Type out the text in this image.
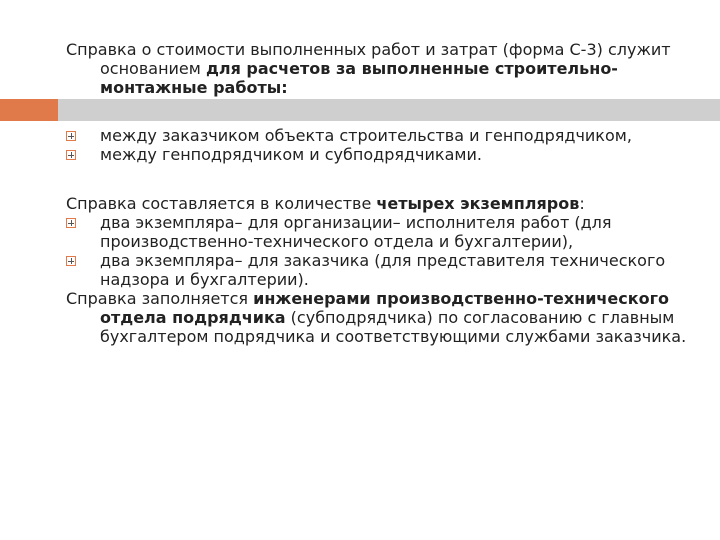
Справка о стоимости выполненных работ и затрат (форма С-3) служит основанием для расчетов за выполненные строительно-монтажные работы:

между заказчиком объекта строительства и генподрядчиком,

между генподрядчиком и субподрядчиками.

Справка составляется в количестве четырех экземпляров:

два экземпляра– для организации– исполнителя работ (для производственно-технического отдела и бухгалтерии),

два экземпляра– для заказчика (для представителя технического надзора и бухгалтерии).

Справка заполняется инженерами производственно-технического отдела подрядчика (субподрядчика) по согласованию с главным бухгалтером подрядчика и соответствующими службами заказчика.
